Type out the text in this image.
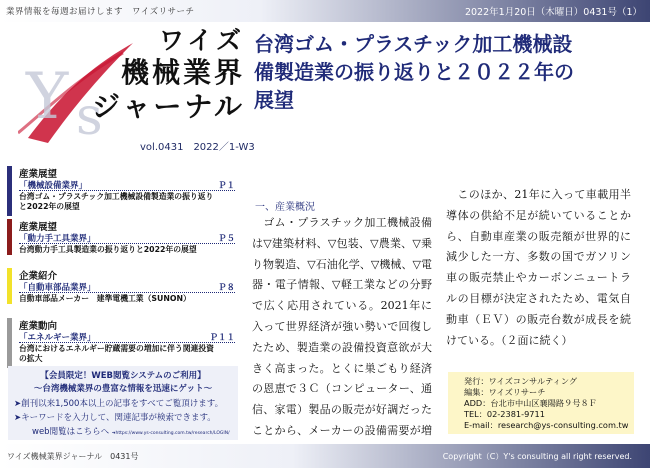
業界情報を毎週お届けします　ワイズリサーチ	2022年1月20日（木曜日）0431号（1）
Y s
ワイズ
機械業界
ジャーナル
vol.0431　2022／1-W3
台湾ゴム・プラスチック加工機械設
備製造業の振り返りと２０２２年の
展望
産業展望
「機械設備業界」	Ｐ１
台湾ゴム・プラスチック加工機械設備製造業の振り返り
と2022年の展望
産業展望
「動力手工具業界」	Ｐ５
台湾動力手工具製造業の振り返りと2022年の展望
企業紹介
「自動車部品業界」	Ｐ８
自動車部品メーカー　建準電機工業（SUNON）
産業動向
「エネルギー業界」	Ｐ１１
台湾におけるエネルギー貯蔵需要の増加に伴う関連投資
の拡大
【会員限定！WEB閲覧システムのご利用】
～台湾機械業界の豊富な情報を迅速にゲット～
➤創刊以来1,500本以上の記事をすべてご覧頂けます。
➤キーワードを入力して、関連記事が検索できます。
web閲覧はこちらへ ➜https://www.ys-consulting.com.tw/research/LOGIN/
一、産業概況
　ゴム・プラスチック加工機械設備は▽建築材料、▽包装、▽農業、▽乗り物製造、▽石油化学、▽機械、▽電器・電子情報、▽軽工業などの分野で広く応用されている。2021年に入って世界経済が強い勢いで回復したため、製造業の設備投資意欲が大きく高まった。とくに巣ごもり経済の恩恵で３Ｃ（コンピューター、通信、家電）製品の販売が好調だったことから、メーカーの設備需要が増
　このほか、21年に入って車載用半導体の供給不足が続いていることから、自動車産業の販売額が世界的に減少した一方、多数の国でガソリン車の販売禁止やカーボンニュートラルの目標が決定されたため、電気自動車（ＥＶ）の販売台数が成長を続けている。（２面に続く）
発行：ワイズコンサルティング
編集：ワイズリサーチ
ADD：台北市中山区襄陽路９号８Ｆ
TEL：02-2381-9711
E-mail：research@ys-consulting.com.tw
ワイズ機械業界ジャーナル　0431号	Copyright（C）Y's consulting all right reserved.
